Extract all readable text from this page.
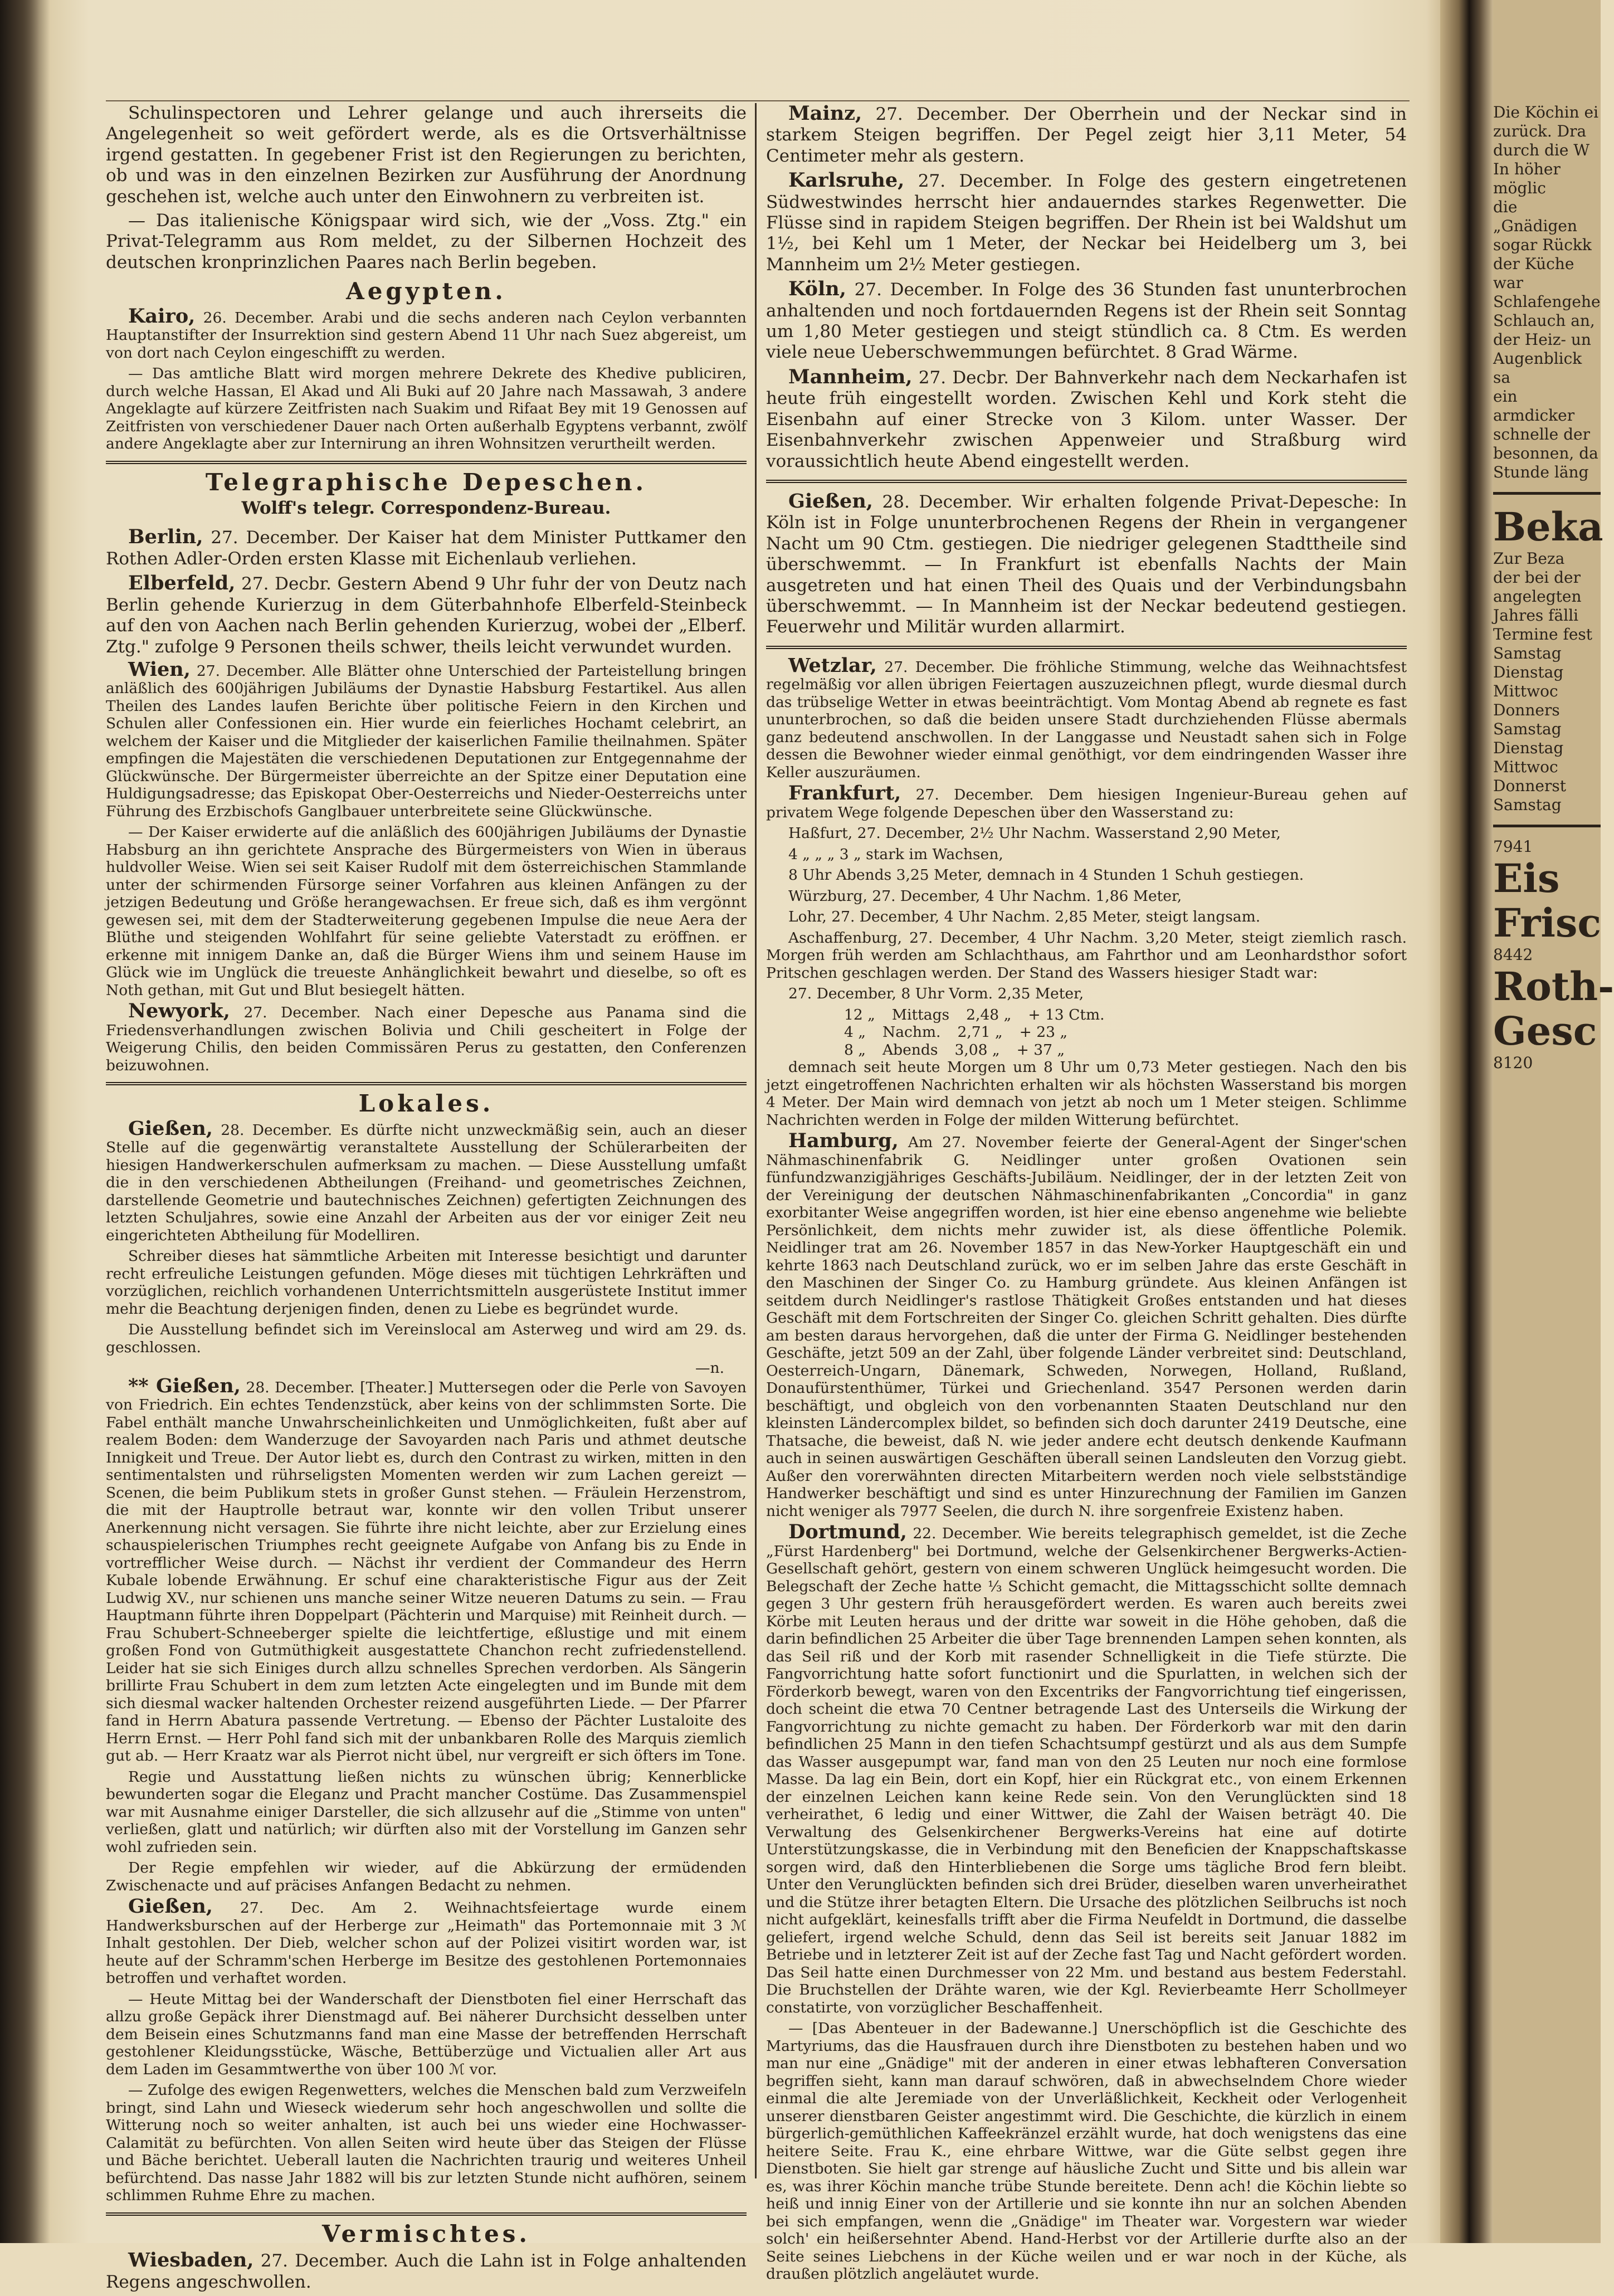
Schulinspectoren und Lehrer gelange und auch ihrerseits die Angelegenheit so weit gefördert werde, als es die Ortsverhältnisse irgend gestatten. In gegebener Frist ist den Regierungen zu berichten, ob und was in den einzelnen Bezirken zur Ausführung der Anordnung geschehen ist, welche auch unter den Einwohnern zu verbreiten ist.

— Das italienische Königspaar wird sich, wie der „Voss. Ztg." ein Privat-Telegramm aus Rom meldet, zu der Silbernen Hochzeit des deutschen kronprinzlichen Paares nach Berlin begeben.

Aegypten.

Kairo, 26. December. Arabi und die sechs anderen nach Ceylon verbannten Hauptanstifter der Insurrektion sind gestern Abend 11 Uhr nach Suez abgereist, um von dort nach Ceylon eingeschifft zu werden.

— Das amtliche Blatt wird morgen mehrere Dekrete des Khedive publiciren, durch welche Hassan, El Akad und Ali Buki auf 20 Jahre nach Massawah, 3 andere Angeklagte auf kürzere Zeitfristen nach Suakim und Rifaat Bey mit 19 Genossen auf Zeitfristen von verschiedener Dauer nach Orten außerhalb Egyptens verbannt, zwölf andere Angeklagte aber zur Internirung an ihren Wohnsitzen verurtheilt werden.

Telegraphische Depeschen.
Wolff's telegr. Correspondenz-Bureau.

Berlin, 27. December. Der Kaiser hat dem Minister Puttkamer den Rothen Adler-Orden ersten Klasse mit Eichenlaub verliehen.

Elberfeld, 27. Decbr. Gestern Abend 9 Uhr fuhr der von Deutz nach Berlin gehende Kurierzug in dem Güterbahnhofe Elberfeld-Steinbeck auf den von Aachen nach Berlin gehenden Kurierzug, wobei der „Elberf. Ztg." zufolge 9 Personen theils schwer, theils leicht verwundet wurden.

Wien, 27. December. Alle Blätter ohne Unterschied der Parteistellung bringen anläßlich des 600jährigen Jubiläums der Dynastie Habsburg Festartikel. Aus allen Theilen des Landes laufen Berichte über politische Feiern in den Kirchen und Schulen aller Confessionen ein. Hier wurde ein feierliches Hochamt celebrirt, an welchem der Kaiser und die Mitglieder der kaiserlichen Familie theilnahmen. Später empfingen die Majestäten die verschiedenen Deputationen zur Entgegennahme der Glückwünsche. Der Bürgermeister überreichte an der Spitze einer Deputation eine Huldigungsadresse; das Episkopat Ober-Oesterreichs und Nieder-Oesterreichs unter Führung des Erzbischofs Ganglbauer unterbreitete seine Glückwünsche.

— Der Kaiser erwiderte auf die anläßlich des 600jährigen Jubiläums der Dynastie Habsburg an ihn gerichtete Ansprache des Bürgermeisters von Wien in überaus huldvoller Weise. Wien sei seit Kaiser Rudolf mit dem österreichischen Stammlande unter der schirmenden Fürsorge seiner Vorfahren aus kleinen Anfängen zu der jetzigen Bedeutung und Größe herangewachsen. Er freue sich, daß es ihm vergönnt gewesen sei, mit dem der Stadterweiterung gegebenen Impulse die neue Aera der Blüthe und steigenden Wohlfahrt für seine geliebte Vaterstadt zu eröffnen. er erkenne mit innigem Danke an, daß die Bürger Wiens ihm und seinem Hause im Glück wie im Unglück die treueste Anhänglichkeit bewahrt und dieselbe, so oft es Noth gethan, mit Gut und Blut besiegelt hätten.

Newyork, 27. December. Nach einer Depesche aus Panama sind die Friedensverhandlungen zwischen Bolivia und Chili gescheitert in Folge der Weigerung Chilis, den beiden Commissären Perus zu gestatten, den Conferenzen beizuwohnen.

Lokales.

Gießen, 28. December. Es dürfte nicht unzweckmäßig sein, auch an dieser Stelle auf die gegenwärtig veranstaltete Ausstellung der Schülerarbeiten der hiesigen Handwerkerschulen aufmerksam zu machen. — Diese Ausstellung umfaßt die in den verschiedenen Abtheilungen (Freihand- und geometrisches Zeichnen, darstellende Geometrie und bautechnisches Zeichnen) gefertigten Zeichnungen des letzten Schuljahres, sowie eine Anzahl der Arbeiten aus der vor einiger Zeit neu eingerichteten Abtheilung für Modelliren.

Schreiber dieses hat sämmtliche Arbeiten mit Interesse besichtigt und darunter recht erfreuliche Leistungen gefunden. Möge dieses mit tüchtigen Lehrkräften und vorzüglichen, reichlich vorhandenen Unterrichtsmitteln ausgerüstete Institut immer mehr die Beachtung derjenigen finden, denen zu Liebe es begründet wurde.

Die Ausstellung befindet sich im Vereinslocal am Asterweg und wird am 29. ds. geschlossen.

—n.

** Gießen, 28. December. [Theater.] Muttersegen oder die Perle von Savoyen von Friedrich. Ein echtes Tendenzstück, aber keins von der schlimmsten Sorte. Die Fabel enthält manche Unwahrscheinlichkeiten und Unmöglichkeiten, fußt aber auf realem Boden: dem Wanderzuge der Savoyarden nach Paris und athmet deutsche Innigkeit und Treue. Der Autor liebt es, durch den Contrast zu wirken, mitten in den sentimentalsten und rührseligsten Momenten werden wir zum Lachen gereizt — Scenen, die beim Publikum stets in großer Gunst stehen. — Fräulein Herzenstrom, die mit der Hauptrolle betraut war, konnte wir den vollen Tribut unserer Anerkennung nicht versagen. Sie führte ihre nicht leichte, aber zur Erzielung eines schauspielerischen Triumphes recht geeignete Aufgabe von Anfang bis zu Ende in vortrefflicher Weise durch. — Nächst ihr verdient der Commandeur des Herrn Kubale lobende Erwähnung. Er schuf eine charakteristische Figur aus der Zeit Ludwig XV., nur schienen uns manche seiner Witze neueren Datums zu sein. — Frau Hauptmann führte ihren Doppelpart (Pächterin und Marquise) mit Reinheit durch. — Frau Schubert-Schneeberger spielte die leichtfertige, eßlustige und mit einem großen Fond von Gutmüthigkeit ausgestattete Chanchon recht zufriedenstellend. Leider hat sie sich Einiges durch allzu schnelles Sprechen verdorben. Als Sängerin brillirte Frau Schubert in dem zum letzten Acte eingelegten und im Bunde mit dem sich diesmal wacker haltenden Orchester reizend ausgeführten Liede. — Der Pfarrer fand in Herrn Abatura passende Vertretung. — Ebenso der Pächter Lustaloite des Herrn Ernst. — Herr Pohl fand sich mit der unbankbaren Rolle des Marquis ziemlich gut ab. — Herr Kraatz war als Pierrot nicht übel, nur vergreift er sich öfters im Tone.

Regie und Ausstattung ließen nichts zu wünschen übrig; Kennerblicke bewunderten sogar die Eleganz und Pracht mancher Costüme. Das Zusammenspiel war mit Ausnahme einiger Darsteller, die sich allzusehr auf die „Stimme von unten" verließen, glatt und natürlich; wir dürften also mit der Vorstellung im Ganzen sehr wohl zufrieden sein.

Der Regie empfehlen wir wieder, auf die Abkürzung der ermüdenden Zwischenacte und auf präcises Anfangen Bedacht zu nehmen.

Gießen, 27. Dec. Am 2. Weihnachtsfeiertage wurde einem Handwerksburschen auf der Herberge zur „Heimath" das Portemonnaie mit 3 ℳ Inhalt gestohlen. Der Dieb, welcher schon auf der Polizei visitirt worden war, ist heute auf der Schramm'schen Herberge im Besitze des gestohlenen Portemonnaies betroffen und verhaftet worden.

— Heute Mittag bei der Wanderschaft der Dienstboten fiel einer Herrschaft das allzu große Gepäck ihrer Dienstmagd auf. Bei näherer Durchsicht desselben unter dem Beisein eines Schutzmanns fand man eine Masse der betreffenden Herrschaft gestohlener Kleidungsstücke, Wäsche, Bettüberzüge und Victualien aller Art aus dem Laden im Gesammtwerthe von über 100 ℳ vor.

— Zufolge des ewigen Regenwetters, welches die Menschen bald zum Verzweifeln bringt, sind Lahn und Wieseck wiederum sehr hoch angeschwollen und sollte die Witterung noch so weiter anhalten, ist auch bei uns wieder eine Hochwasser-Calamität zu befürchten. Von allen Seiten wird heute über das Steigen der Flüsse und Bäche berichtet. Ueberall lauten die Nachrichten traurig und weiteres Unheil befürchtend. Das nasse Jahr 1882 will bis zur letzten Stunde nicht aufhören, seinem schlimmen Ruhme Ehre zu machen.

Vermischtes.

Wiesbaden, 27. December. Auch die Lahn ist in Folge anhaltenden Regens angeschwollen.

Mainz, 27. December. Der Oberrhein und der Neckar sind in starkem Steigen begriffen. Der Pegel zeigt hier 3,11 Meter, 54 Centimeter mehr als gestern.

Karlsruhe, 27. December. In Folge des gestern eingetretenen Südwestwindes herrscht hier andauerndes starkes Regenwetter. Die Flüsse sind in rapidem Steigen begriffen. Der Rhein ist bei Waldshut um 1½, bei Kehl um 1 Meter, der Neckar bei Heidelberg um 3, bei Mannheim um 2½ Meter gestiegen.

Köln, 27. December. In Folge des 36 Stunden fast ununterbrochen anhaltenden und noch fortdauernden Regens ist der Rhein seit Sonntag um 1,80 Meter gestiegen und steigt stündlich ca. 8 Ctm. Es werden viele neue Ueberschwemmungen befürchtet. 8 Grad Wärme.

Mannheim, 27. Decbr. Der Bahnverkehr nach dem Neckarhafen ist heute früh eingestellt worden. Zwischen Kehl und Kork steht die Eisenbahn auf einer Strecke von 3 Kilom. unter Wasser. Der Eisenbahnverkehr zwischen Appenweier und Straßburg wird voraussichtlich heute Abend eingestellt werden.

Gießen, 28. December. Wir erhalten folgende Privat-Depesche: In Köln ist in Folge ununterbrochenen Regens der Rhein in vergangener Nacht um 90 Ctm. gestiegen. Die niedriger gelegenen Stadttheile sind überschwemmt. — In Frankfurt ist ebenfalls Nachts der Main ausgetreten und hat einen Theil des Quais und der Verbindungsbahn überschwemmt. — In Mannheim ist der Neckar bedeutend gestiegen. Feuerwehr und Militär wurden allarmirt.

Wetzlar, 27. December. Die fröhliche Stimmung, welche das Weihnachtsfest regelmäßig vor allen übrigen Feiertagen auszuzeichnen pflegt, wurde diesmal durch das trübselige Wetter in etwas beeinträchtigt. Vom Montag Abend ab regnete es fast ununterbrochen, so daß die beiden unsere Stadt durchziehenden Flüsse abermals ganz bedeutend anschwollen. In der Langgasse und Neustadt sahen sich in Folge dessen die Bewohner wieder einmal genöthigt, vor dem eindringenden Wasser ihre Keller auszuräumen.

Frankfurt, 27. December. Dem hiesigen Ingenieur-Bureau gehen auf privatem Wege folgende Depeschen über den Wasserstand zu:

Haßfurt, 27. December, 2½ Uhr Nachm. Wasserstand 2,90 Meter,

4 „ „ „ 3 „ stark im Wachsen,

8 Uhr Abends 3,25 Meter, demnach in 4 Stunden 1 Schuh gestiegen.

Würzburg, 27. December, 4 Uhr Nachm. 1,86 Meter,

Lohr, 27. December, 4 Uhr Nachm. 2,85 Meter, steigt langsam.

Aschaffenburg, 27. December, 4 Uhr Nachm. 3,20 Meter, steigt ziemlich rasch. Morgen früh werden am Schlachthaus, am Fahrthor und am Leonhardsthor sofort Pritschen geschlagen werden. Der Stand des Wassers hiesiger Stadt war:

27. December, 8 Uhr Vorm. 2,35 Meter,

12 „ Mittags 2,48 „ + 13 Ctm.
4 „ Nachm. 2,71 „ + 23 „
8 „ Abends 3,08 „ + 37 „

demnach seit heute Morgen um 8 Uhr um 0,73 Meter gestiegen. Nach den bis jetzt eingetroffenen Nachrichten erhalten wir als höchsten Wasserstand bis morgen 4 Meter. Der Main wird demnach von jetzt ab noch um 1 Meter steigen. Schlimme Nachrichten werden in Folge der milden Witterung befürchtet.

Hamburg, Am 27. November feierte der General-Agent der Singer'schen Nähmaschinenfabrik G. Neidlinger unter großen Ovationen sein fünfundzwanzigjähriges Geschäfts-Jubiläum. Neidlinger, der in der letzten Zeit von der Vereinigung der deutschen Nähmaschinenfabrikanten „Concordia" in ganz exorbitanter Weise angegriffen worden, ist hier eine ebenso angenehme wie beliebte Persönlichkeit, dem nichts mehr zuwider ist, als diese öffentliche Polemik. Neidlinger trat am 26. November 1857 in das New-Yorker Hauptgeschäft ein und kehrte 1863 nach Deutschland zurück, wo er im selben Jahre das erste Geschäft in den Maschinen der Singer Co. zu Hamburg gründete. Aus kleinen Anfängen ist seitdem durch Neidlinger's rastlose Thätigkeit Großes entstanden und hat dieses Geschäft mit dem Fortschreiten der Singer Co. gleichen Schritt gehalten. Dies dürfte am besten daraus hervorgehen, daß die unter der Firma G. Neidlinger bestehenden Geschäfte, jetzt 509 an der Zahl, über folgende Länder verbreitet sind: Deutschland, Oesterreich-Ungarn, Dänemark, Schweden, Norwegen, Holland, Rußland, Donaufürstenthümer, Türkei und Griechenland. 3547 Personen werden darin beschäftigt, und obgleich von den vorbenannten Staaten Deutschland nur den kleinsten Ländercomplex bildet, so befinden sich doch darunter 2419 Deutsche, eine Thatsache, die beweist, daß N. wie jeder andere echt deutsch denkende Kaufmann auch in seinen auswärtigen Geschäften überall seinen Landsleuten den Vorzug giebt. Außer den vorerwähnten directen Mitarbeitern werden noch viele selbstständige Handwerker beschäftigt und sind es unter Hinzurechnung der Familien im Ganzen nicht weniger als 7977 Seelen, die durch N. ihre sorgenfreie Existenz haben.

Dortmund, 22. December. Wie bereits telegraphisch gemeldet, ist die Zeche „Fürst Hardenberg" bei Dortmund, welche der Gelsenkirchener Bergwerks-Actien-Gesellschaft gehört, gestern von einem schweren Unglück heimgesucht worden. Die Belegschaft der Zeche hatte ⅓ Schicht gemacht, die Mittagsschicht sollte demnach gegen 3 Uhr gestern früh herausgefördert werden. Es waren auch bereits zwei Körbe mit Leuten heraus und der dritte war soweit in die Höhe gehoben, daß die darin befindlichen 25 Arbeiter die über Tage brennenden Lampen sehen konnten, als das Seil riß und der Korb mit rasender Schnelligkeit in die Tiefe stürzte. Die Fangvorrichtung hatte sofort functionirt und die Spurlatten, in welchen sich der Förderkorb bewegt, waren von den Excentriks der Fangvorrichtung tief eingerissen, doch scheint die etwa 70 Centner betragende Last des Unterseils die Wirkung der Fangvorrichtung zu nichte gemacht zu haben. Der Förderkorb war mit den darin befindlichen 25 Mann in den tiefen Schachtsumpf gestürzt und als aus dem Sumpfe das Wasser ausgepumpt war, fand man von den 25 Leuten nur noch eine formlose Masse. Da lag ein Bein, dort ein Kopf, hier ein Rückgrat etc., von einem Erkennen der einzelnen Leichen kann keine Rede sein. Von den Verunglückten sind 18 verheirathet, 6 ledig und einer Wittwer, die Zahl der Waisen beträgt 40. Die Verwaltung des Gelsenkirchener Bergwerks-Vereins hat eine auf dotirte Unterstützungskasse, die in Verbindung mit den Beneficien der Knappschaftskasse sorgen wird, daß den Hinterbliebenen die Sorge ums tägliche Brod fern bleibt. Unter den Verunglückten befinden sich drei Brüder, dieselben waren unverheirathet und die Stütze ihrer betagten Eltern. Die Ursache des plötzlichen Seilbruchs ist noch nicht aufgeklärt, keinesfalls trifft aber die Firma Neufeldt in Dortmund, die dasselbe geliefert, irgend welche Schuld, denn das Seil ist bereits seit Januar 1882 im Betriebe und in letzterer Zeit ist auf der Zeche fast Tag und Nacht gefördert worden. Das Seil hatte einen Durchmesser von 22 Mm. und bestand aus bestem Federstahl. Die Bruchstellen der Drähte waren, wie der Kgl. Revierbeamte Herr Schollmeyer constatirte, von vorzüglicher Beschaffenheit.

— [Das Abenteuer in der Badewanne.] Unerschöpflich ist die Geschichte des Martyriums, das die Hausfrauen durch ihre Dienstboten zu bestehen haben und wo man nur eine „Gnädige" mit der anderen in einer etwas lebhafteren Conversation begriffen sieht, kann man darauf schwören, daß in abwechselndem Chore wieder einmal die alte Jeremiade von der Unverläßlichkeit, Keckheit oder Verlogenheit unserer dienstbaren Geister angestimmt wird. Die Geschichte, die kürzlich in einem bürgerlich-gemüthlichen Kaffeekränzel erzählt wurde, hat doch wenigstens das eine heitere Seite. Frau K., eine ehrbare Wittwe, war die Güte selbst gegen ihre Dienstboten. Sie hielt gar strenge auf häusliche Zucht und Sitte und bis allein war es, was ihrer Köchin manche trübe Stunde bereitete. Denn ach! die Köchin liebte so heiß und innig Einer von der Artillerie und sie konnte ihn nur an solchen Abenden bei sich empfangen, wenn die „Gnädige" im Theater war. Vorgestern war wieder solch' ein heißersehnter Abend. Hand-Herbst vor der Artillerie durfte also an der Seite seines Liebchens in der Küche weilen und er war noch in der Küche, als draußen plötzlich angeläutet wurde.

Die Köchin ei
zurück. Dra
durch die W
In höher möglic
die „Gnädigen
sogar Rückk
der Küche war
Schlafengehe
Schlauch an,
der Heiz- un
Augenblick sa
ein armdicker
schnelle der
besonnen, da
Stunde läng
Beka
Zur Beza
der bei der
angelegten
Jahres fälli
Termine fest
Samstag
Dienstag
Mittwoc
Donners
Samstag
Dienstag
Mittwoc
Donnerst
Samstag
7941
Eis
Frisc
8442
Roth-
Gesc
8120
